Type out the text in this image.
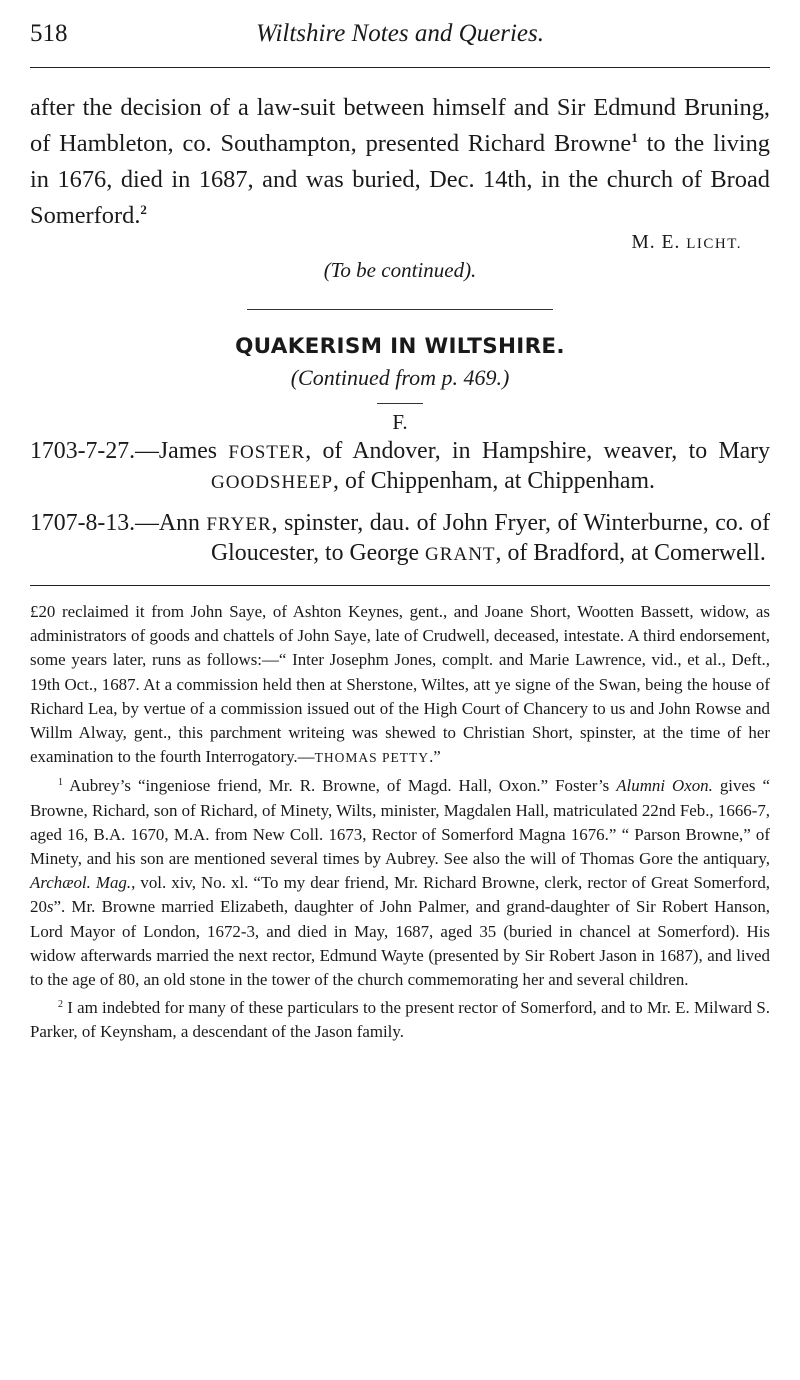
518	Wiltshire Notes and Queries.

after the decision of a law-suit between himself and Sir Edmund Bruning, of Hambleton, co. Southampton, presented Richard Browne$^1$ to the living in 1676, died in 1687, and was buried, Dec. 14th, in the church of Broad Somerford.$^2$

M. E. LICHT.
(To be continued).
QUAKERISM IN WILTSHIRE.
(Continued from p. 469.)
F.
1703-7-27.—James FOSTER, of Andover, in Hampshire, weaver, to Mary GOODSHEEP, of Chippenham, at Chippenham.
1707-8-13.—Ann FRYER, spinster, dau. of John Fryer, of Winterburne, co. of Gloucester, to George GRANT, of Bradford, at Comerwell.

£20 reclaimed it from John Saye, of Ashton Keynes, gent., and Joane Short, Wootten Bassett, widow, as administrators of goods and chattels of John Saye, late of Crudwell, deceased, intestate. A third endorsement, some years later, runs as follows:—“ Inter Josephm Jones, complt. and Marie Lawrence, vid., et al., Deft., 19th Oct., 1687. At a commission held then at Sherstone, Wiltes, att ye signe of the Swan, being the house of Richard Lea, by vertue of a commission issued out of the High Court of Chancery to us and John Rowse and Willm Alway, gent., this parchment writeing was shewed to Christian Short, spinster, at the time of her examination to the fourth Interrogatory.—THOMAS PETTY.”

$^1$ Aubrey’s “ingeniose friend, Mr. R. Browne, of Magd. Hall, Oxon.” Foster’s Alumni Oxon. gives “ Browne, Richard, son of Richard, of Minety, Wilts, minister, Magdalen Hall, matriculated 22nd Feb., 1666-7, aged 16, B.A. 1670, M.A. from New Coll. 1673, Rector of Somerford Magna 1676.” “ Parson Browne,” of Minety, and his son are mentioned several times by Aubrey. See also the will of Thomas Gore the antiquary, Archæol. Mag., vol. xiv, No. xl. “To my dear friend, Mr. Richard Browne, clerk, rector of Great Somerford, 20s”. Mr. Browne married Elizabeth, daughter of John Palmer, and grand-daughter of Sir Robert Hanson, Lord Mayor of London, 1672-3, and died in May, 1687, aged 35 (buried in chancel at Somerford). His widow afterwards married the next rector, Edmund Wayte (presented by Sir Robert Jason in 1687), and lived to the age of 80, an old stone in the tower of the church commemorating her and several children.

$^2$ I am indebted for many of these particulars to the present rector of Somerford, and to Mr. E. Milward S. Parker, of Keynsham, a descendant of the Jason family.
